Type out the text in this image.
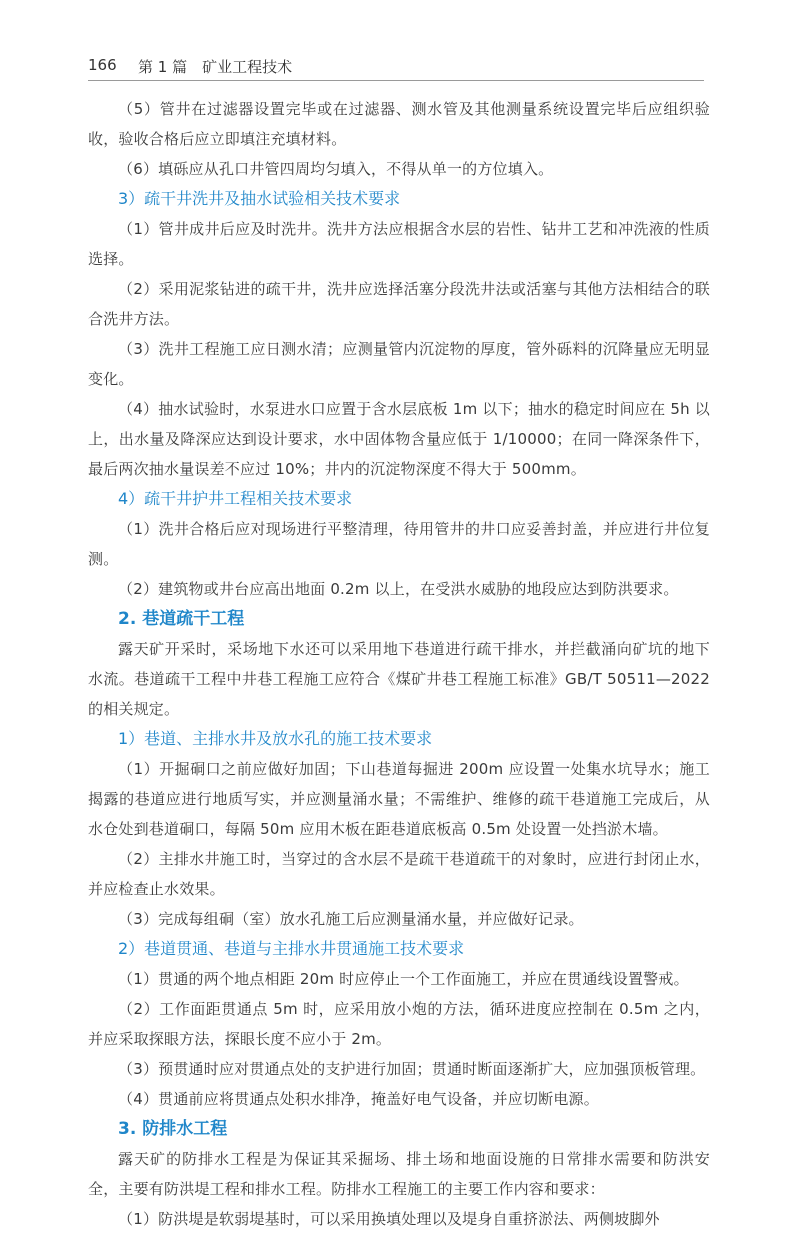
166 第 1 篇　矿业工程技术

（5）管井在过滤器设置完毕或在过滤器、测水管及其他测量系统设置完毕后应组织验收，验收合格后应立即填注充填材料。

（6）填砾应从孔口井管四周均匀填入，不得从单一的方位填入。

3）疏干井洗井及抽水试验相关技术要求

（1）管井成井后应及时洗井。洗井方法应根据含水层的岩性、钻井工艺和冲洗液的性质选择。

（2）采用泥浆钻进的疏干井，洗井应选择活塞分段洗井法或活塞与其他方法相结合的联合洗井方法。

（3）洗井工程施工应日测水清；应测量管内沉淀物的厚度，管外砾料的沉降量应无明显变化。

（4）抽水试验时，水泵进水口应置于含水层底板 1m 以下；抽水的稳定时间应在 5h 以上，出水量及降深应达到设计要求，水中固体物含量应低于 1/10000；在同一降深条件下，最后两次抽水量误差不应过 10%；井内的沉淀物深度不得大于 500mm。

4）疏干井护井工程相关技术要求

（1）洗井合格后应对现场进行平整清理，待用管井的井口应妥善封盖，并应进行井位复测。

（2）建筑物或井台应高出地面 0.2m 以上，在受洪水威胁的地段应达到防洪要求。

2. 巷道疏干工程

露天矿开采时，采场地下水还可以采用地下巷道进行疏干排水，并拦截涌向矿坑的地下水流。巷道疏干工程中井巷工程施工应符合《煤矿井巷工程施工标准》GB/T 50511—2022 的相关规定。

1）巷道、主排水井及放水孔的施工技术要求

（1）开掘硐口之前应做好加固；下山巷道每掘进 200m 应设置一处集水坑导水；施工揭露的巷道应进行地质写实，并应测量涌水量；不需维护、维修的疏干巷道施工完成后，从水仓处到巷道硐口，每隔 50m 应用木板在距巷道底板高 0.5m 处设置一处挡淤木墙。

（2）主排水井施工时，当穿过的含水层不是疏干巷道疏干的对象时，应进行封闭止水，并应检查止水效果。

（3）完成每组硐（室）放水孔施工后应测量涌水量，并应做好记录。

2）巷道贯通、巷道与主排水井贯通施工技术要求

（1）贯通的两个地点相距 20m 时应停止一个工作面施工，并应在贯通线设置警戒。

（2）工作面距贯通点 5m 时，应采用放小炮的方法，循环进度应控制在 0.5m 之内，并应采取探眼方法，探眼长度不应小于 2m。

（3）预贯通时应对贯通点处的支护进行加固；贯通时断面逐渐扩大，应加强顶板管理。

（4）贯通前应将贯通点处积水排净，掩盖好电气设备，并应切断电源。

3. 防排水工程

露天矿的防排水工程是为保证其采掘场、排土场和地面设施的日常排水需要和防洪安全，主要有防洪堤工程和排水工程。防排水工程施工的主要工作内容和要求：

（1）防洪堤是软弱堤基时，可以采用换填处理以及堤身自重挤淤法、两侧坡脚外
